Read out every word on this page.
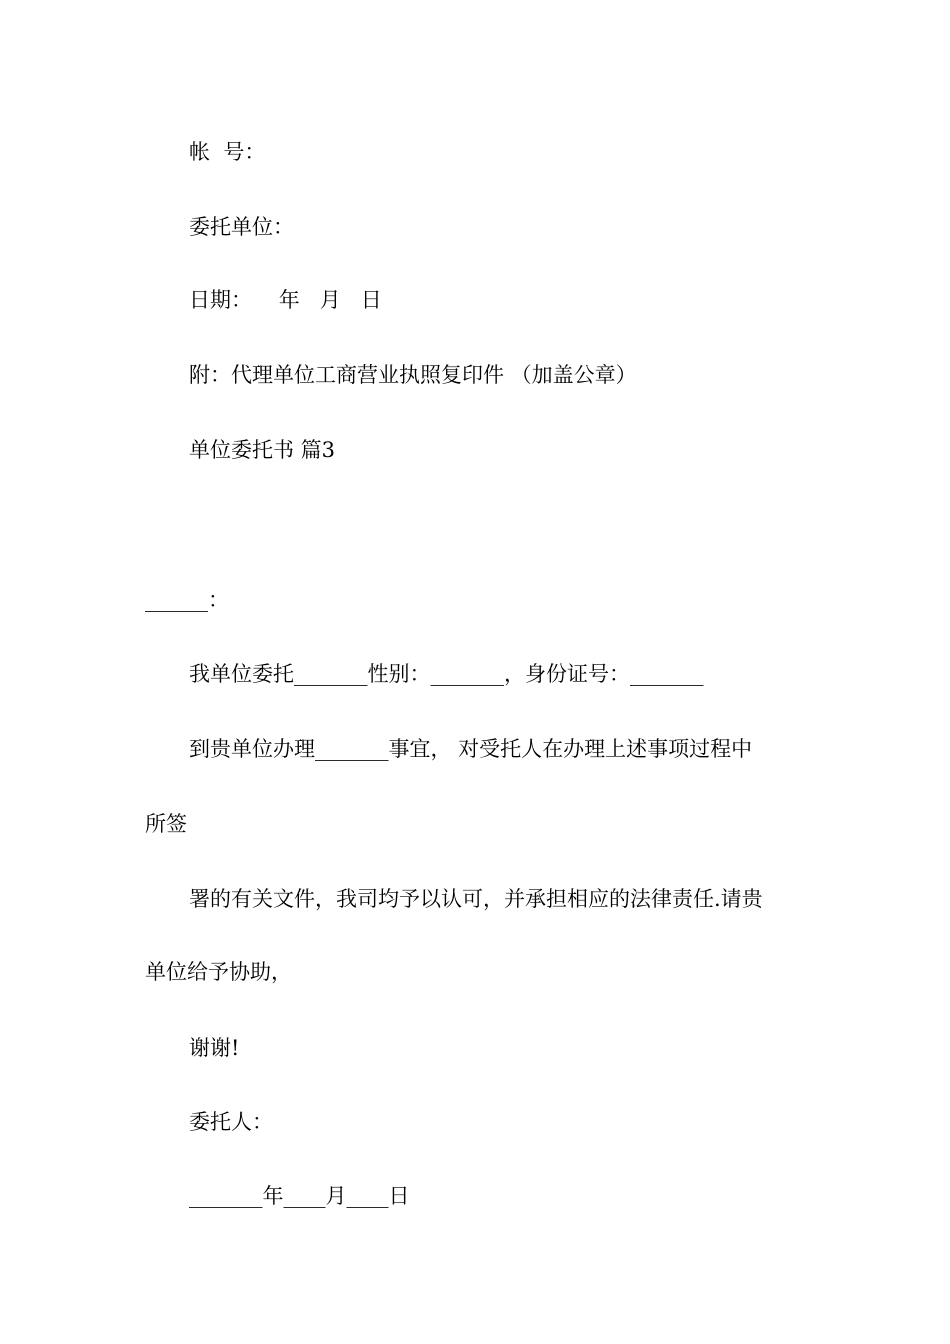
帐  号：
委托单位：
日期：    年   月   日
附：代理单位工商营业执照复印件 （加盖公章）
单位委托书 篇3
______：
我单位委托_______性别：_______，身份证号：_______
到贵单位办理_______事宜， 对受托人在办理上述事项过程中
所签
署的有关文件，我司均予以认可，并承担相应的法律责任.请贵
单位给予协助，
谢谢!
委托人：
_______年____月____日
